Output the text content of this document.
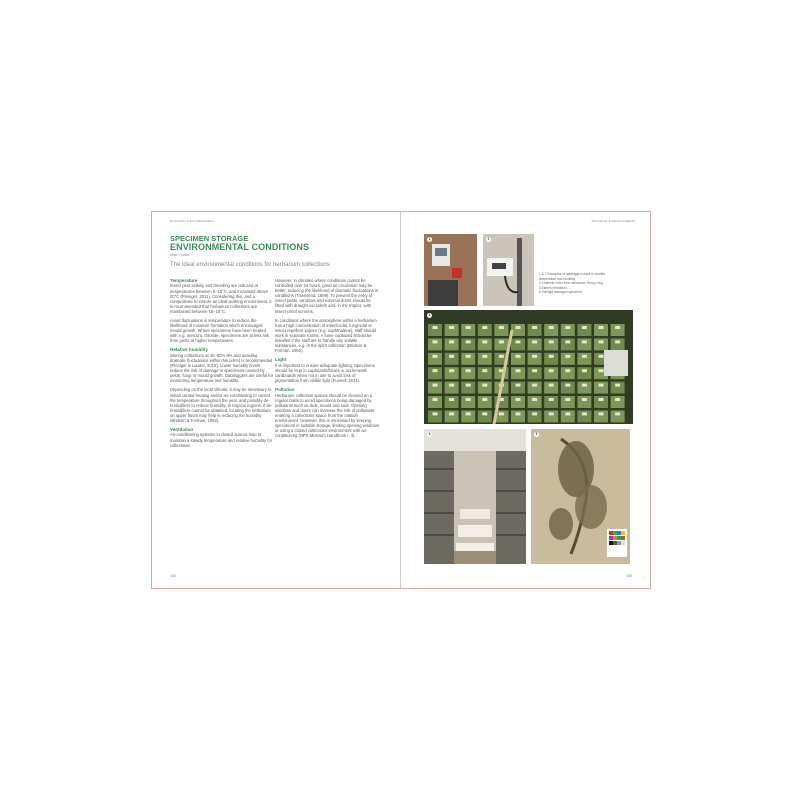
BUILDING & ENVIRONMENT
SPECIMEN STORAGE
ENVIRONMENTAL CONDITIONS
Mike Coates
The ideal environmental conditions for herbarium collections
Temperature

Insect pest activity and breeding are reduced at temperatures between 5–18°C, and increased above 20°C (Pinniger, 2011). Considering this, and a compromise to ensure an ideal working environment, it is recommended that herbarium collections are maintained between 15–18°C.

Avoid fluctuations in temperature to reduce the likelihood of moisture formation which encourages mould growth. Where specimens have been treated with e.g. mercuric chloride, specimens are at less risk from pests at higher temperatures.

Relative humidity

Storing collections at 40–60% RH and avoiding dramatic fluctuations within this (±5%) is recommended (Pinniger & Lauder, 2018). Lower humidity levels reduce the risk of damage to specimens caused by pests, fungi or mould growth. Dataloggers are useful for monitoring temperature and humidity.

Depending on the local climate, it may be necessary to install central heating and/or air-conditioning to control the temperature throughout the year, and possibly de-humidifiers to reduce humidity. In tropical regions, if de-humidifiers cannot be obtained, locating the herbarium on upper floors may help in reducing the humidity (Bridson & Forman, 1992).

Ventilation

Air-conditioning systems in closed spaces help to maintain a steady temperature and relative humidity for collections.

However, in climates where conditions cannot be controlled over 24 hours, good air circulation may be better, reducing the likelihood of dramatic fluctuations in conditions (Townsend, 1999). To prevent the entry of insect pests, windows and external doors should be fitted with draught excluders and, in the tropics, with insect-proof screens.

In conditions where the atmosphere within a herbarium has a high concentration of insecticidal, fungicidal or insect repellent vapour (e.g. naphthalene), staff should work in separate rooms. A fume cupboard should be installed if the staff are to handle any volatile substances, e.g. in the spirit collection (Bridson & Forman, 1992).

Light

It is important to ensure adequate lighting. Specimens should be kept in cupboards/boxes or underneath cardboards when not in use to avoid loss of pigmentation from visible light (Funnell, 2011).

Pollution

Herbarium collection spaces should be cleaned on a regular basis to avoid specimens being damaged by pollutants such as dust, mould and soot. Opening windows and doors can increase the risk of pollutants entering a collections space from the outside environment. However, this is minimised by keeping specimens in suitable storage, limiting opening windows or using a closed collections environment with air-conditioning (NPS Museum Handbook I, 4).

104
BUILDING & ENVIRONMENT
1	2
1 & 2 Examples of dataloggers used to monitor
temperature and humidity
3 Cabinets in the Kew herbarium, Hong Kong
4 Eames herbarium, ...
5 Sunlight damaged specimen
3
4	5
105
